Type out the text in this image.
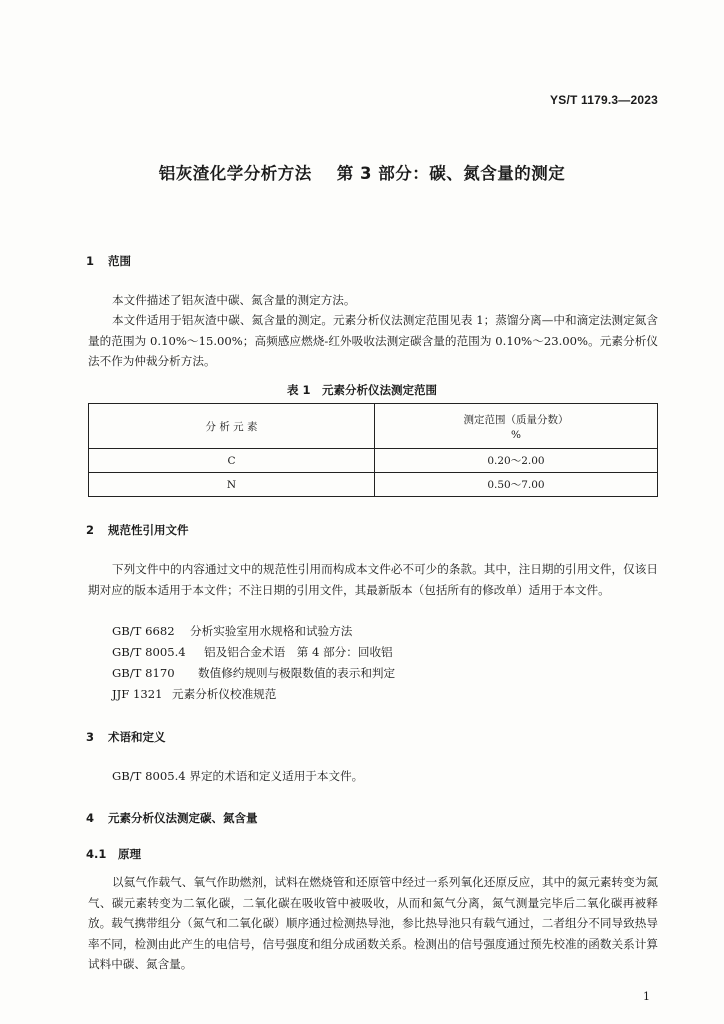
YS/T 1179.3—2023
铝灰渣化学分析方法    第 3 部分：碳、氮含量的测定
1 范围
本文件描述了铝灰渣中碳、氮含量的测定方法。
本文件适用于铝灰渣中碳、氮含量的测定。元素分析仪法测定范围见表 1；蒸馏分离—中和滴定法测定氮含量的范围为 0.10%～15.00%；高频感应燃烧-红外吸收法测定碳含量的范围为 0.10%～23.00%。元素分析仪法不作为仲裁分析方法。
表 1　元素分析仪法测定范围
分 析 元 素	测定范围（质量分数）
%

C	0.20～2.00
N	0.50～7.00
2 规范性引用文件
下列文件中的内容通过文中的规范性引用而构成本文件必不可少的条款。其中，注日期的引用文件，仅该日期对应的版本适用于本文件；不注日期的引用文件，其最新版本（包括所有的修改单）适用于本文件。
GB/T 6682 分析实验室用水规格和试验方法
GB/T 8005.4 铝及铝合金术语　第 4 部分：回收铝
GB/T 8170 数值修约规则与极限数值的表示和判定
JJF 1321 元素分析仪校准规范
3 术语和定义
GB/T 8005.4 界定的术语和定义适用于本文件。
4 元素分析仪法测定碳、氮含量
4.1 原理
以氦气作载气、氧气作助燃剂，试料在燃烧管和还原管中经过一系列氧化还原反应，其中的氮元素转变为氮气、碳元素转变为二氧化碳，二氧化碳在吸收管中被吸收，从而和氮气分离，氮气测量完毕后二氧化碳再被释放。载气携带组分（氮气和二氧化碳）顺序通过检测热导池，参比热导池只有载气通过，二者组分不同导致热导率不同，检测由此产生的电信号，信号强度和组分成函数关系。检测出的信号强度通过预先校准的函数关系计算试料中碳、氮含量。
1
